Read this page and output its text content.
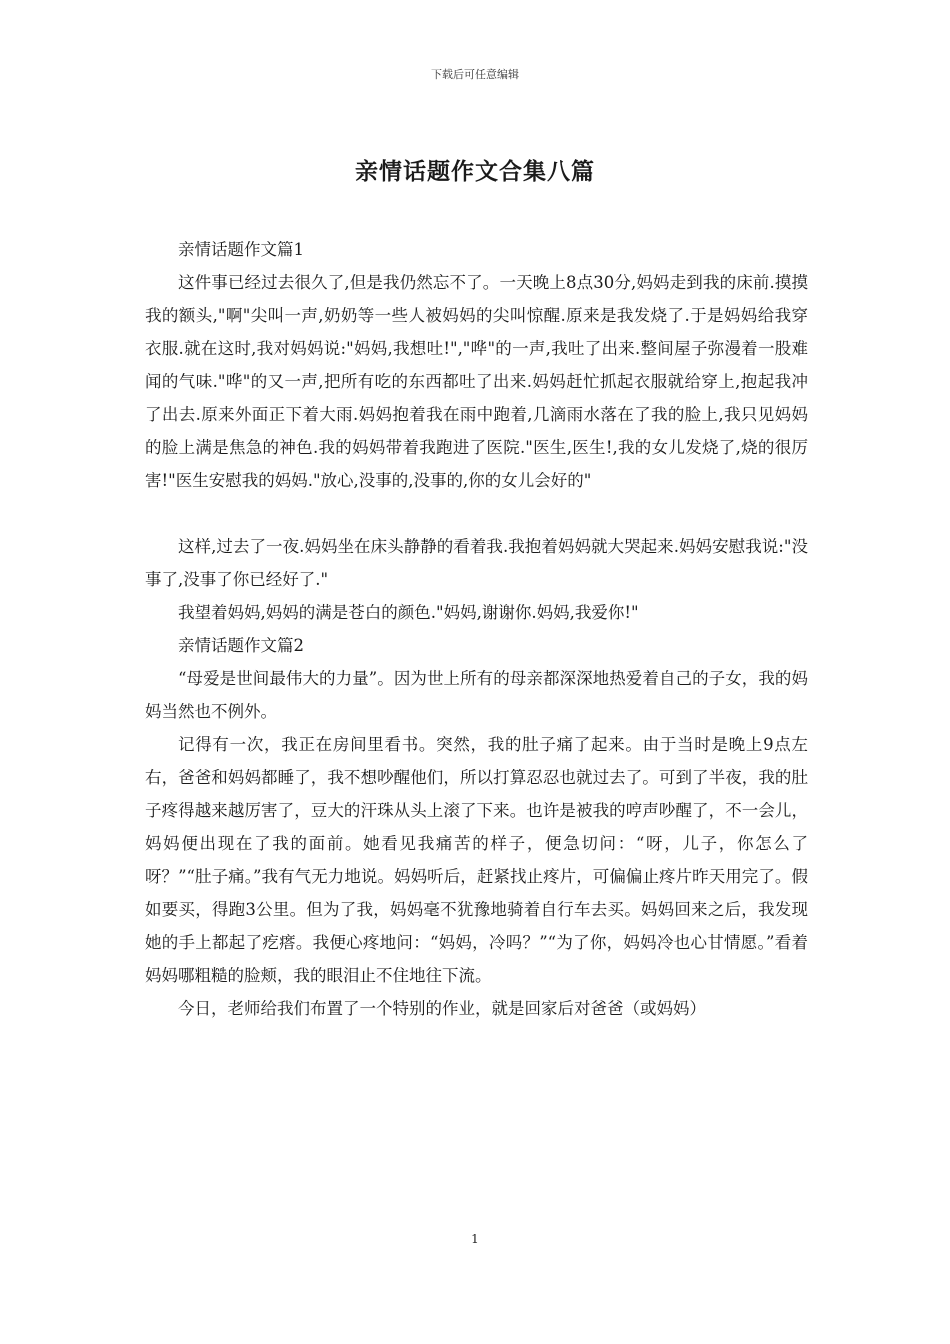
下载后可任意编辑
亲情话题作文合集八篇

亲情话题作文篇1

这件事已经过去很久了,但是我仍然忘不了。一天晚上8点30分,妈妈走到我的床前.摸摸我的额头,"啊"尖叫一声,奶奶等一些人被妈妈的尖叫惊醒.原来是我发烧了.于是妈妈给我穿衣服.就在这时,我对妈妈说:"妈妈,我想吐!","哗"的一声,我吐了出来.整间屋子弥漫着一股难闻的气味."哗"的又一声,把所有吃的东西都吐了出来.妈妈赶忙抓起衣服就给穿上,抱起我冲了出去.原来外面正下着大雨.妈妈抱着我在雨中跑着,几滴雨水落在了我的脸上,我只见妈妈的脸上满是焦急的神色.我的妈妈带着我跑进了医院."医生,医生!,我的女儿发烧了,烧的很厉害!"医生安慰我的妈妈."放心,没事的,没事的,你的女儿会好的"

这样,过去了一夜.妈妈坐在床头静静的看着我.我抱着妈妈就大哭起来.妈妈安慰我说:"没事了,没事了你已经好了."

我望着妈妈,妈妈的满是苍白的颜色."妈妈,谢谢你.妈妈,我爱你!"

亲情话题作文篇2

“母爱是世间最伟大的力量”。因为世上所有的母亲都深深地热爱着自己的子女，我的妈妈当然也不例外。

记得有一次，我正在房间里看书。突然，我的肚子痛了起来。由于当时是晚上9点左右，爸爸和妈妈都睡了，我不想吵醒他们，所以打算忍忍也就过去了。可到了半夜，我的肚子疼得越来越厉害了，豆大的汗珠从头上滚了下来。也许是被我的哼声吵醒了，不一会儿，妈妈便出现在了我的面前。她看见我痛苦的样子，便急切问：“呀，儿子，你怎么了呀？”“肚子痛。”我有气无力地说。妈妈听后，赶紧找止疼片，可偏偏止疼片昨天用完了。假如要买，得跑3公里。但为了我，妈妈毫不犹豫地骑着自行车去买。妈妈回来之后，我发现她的手上都起了疙瘩。我便心疼地问：“妈妈，冷吗？”“为了你，妈妈冷也心甘情愿。”看着妈妈哪粗糙的脸颊，我的眼泪止不住地往下流。

今日，老师给我们布置了一个特别的作业，就是回家后对爸爸（或妈妈）

1
